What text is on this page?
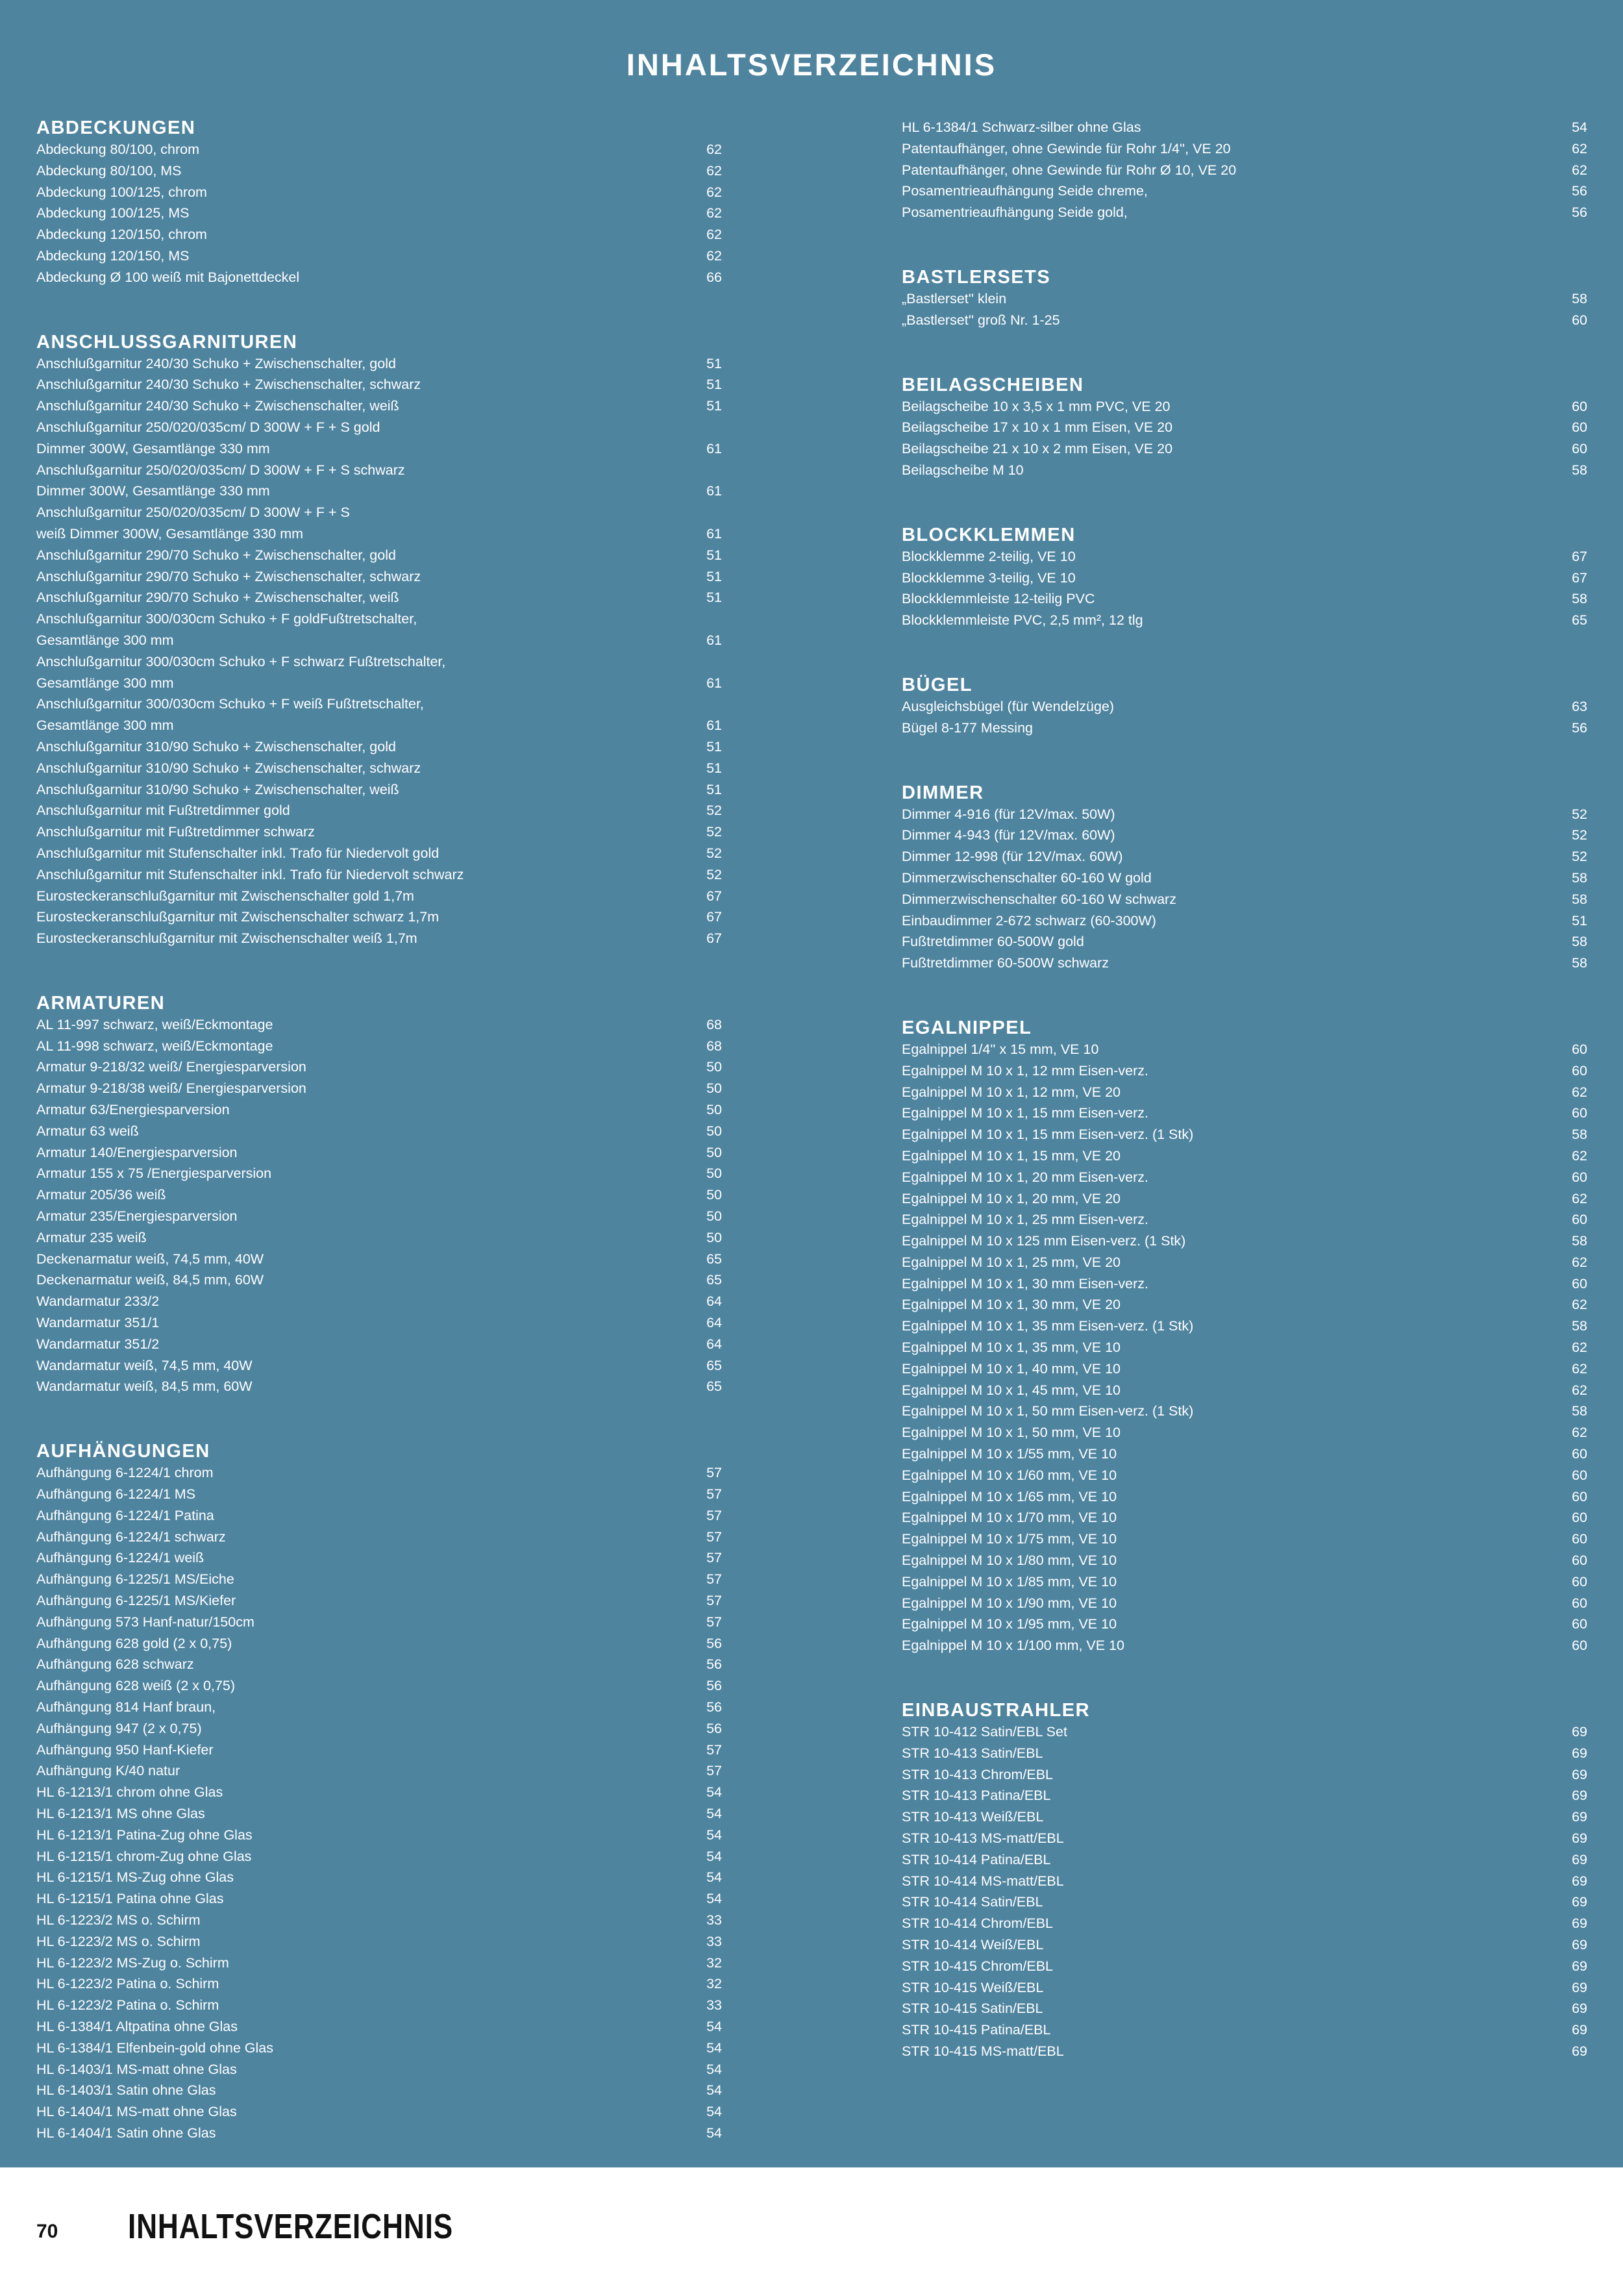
INHALTSVERZEICHNIS
ABDECKUNGEN
Abdeckung 80/100, chrom	62
Abdeckung 80/100, MS	62
Abdeckung 100/125, chrom	62
Abdeckung 100/125, MS	62
Abdeckung 120/150, chrom	62
Abdeckung 120/150, MS	62
Abdeckung Ø 100 weiß mit Bajonettdeckel	66
ANSCHLUSSGARNITUREN
Anschlußgarnitur 240/30 Schuko + Zwischenschalter, gold	51
Anschlußgarnitur 240/30 Schuko + Zwischenschalter, schwarz	51
Anschlußgarnitur 240/30 Schuko + Zwischenschalter, weiß	51
Anschlußgarnitur 250/020/035cm/ D 300W + F + S gold
Dimmer 300W, Gesamtlänge 330 mm	61
Anschlußgarnitur 250/020/035cm/ D 300W + F + S schwarz
Dimmer 300W, Gesamtlänge 330 mm	61
Anschlußgarnitur 250/020/035cm/ D 300W + F + S
weiß Dimmer 300W, Gesamtlänge 330 mm	61
Anschlußgarnitur 290/70 Schuko + Zwischenschalter, gold	51
Anschlußgarnitur 290/70 Schuko + Zwischenschalter, schwarz	51
Anschlußgarnitur 290/70 Schuko + Zwischenschalter, weiß	51
Anschlußgarnitur 300/030cm Schuko + F goldFußtretschalter,
Gesamtlänge 300 mm	61
Anschlußgarnitur 300/030cm Schuko + F schwarz Fußtretschalter,
Gesamtlänge 300 mm	61
Anschlußgarnitur 300/030cm Schuko + F weiß Fußtretschalter,
Gesamtlänge 300 mm	61
Anschlußgarnitur 310/90 Schuko + Zwischenschalter, gold	51
Anschlußgarnitur 310/90 Schuko + Zwischenschalter, schwarz	51
Anschlußgarnitur 310/90 Schuko + Zwischenschalter, weiß	51
Anschlußgarnitur mit Fußtretdimmer gold	52
Anschlußgarnitur mit Fußtretdimmer schwarz	52
Anschlußgarnitur mit Stufenschalter inkl. Trafo für Niedervolt gold	52
Anschlußgarnitur mit Stufenschalter inkl. Trafo für Niedervolt schwarz	52
Eurosteckeranschlußgarnitur mit Zwischenschalter gold 1,7m	67
Eurosteckeranschlußgarnitur mit Zwischenschalter schwarz 1,7m	67
Eurosteckeranschlußgarnitur mit Zwischenschalter weiß 1,7m	67
ARMATUREN
AL 11-997 schwarz, weiß/Eckmontage	68
AL 11-998 schwarz, weiß/Eckmontage	68
Armatur 9-218/32 weiß/ Energiesparversion	50
Armatur 9-218/38 weiß/ Energiesparversion	50
Armatur 63/Energiesparversion	50
Armatur 63 weiß	50
Armatur 140/Energiesparversion	50
Armatur 155 x 75 /Energiesparversion	50
Armatur 205/36 weiß	50
Armatur 235/Energiesparversion	50
Armatur 235 weiß	50
Deckenarmatur weiß, 74,5 mm, 40W	65
Deckenarmatur weiß, 84,5 mm, 60W	65
Wandarmatur 233/2	64
Wandarmatur 351/1	64
Wandarmatur 351/2	64
Wandarmatur weiß, 74,5 mm, 40W	65
Wandarmatur weiß, 84,5 mm, 60W	65
AUFHÄNGUNGEN
Aufhängung 6-1224/1 chrom	57
Aufhängung 6-1224/1 MS	57
Aufhängung 6-1224/1 Patina	57
Aufhängung 6-1224/1 schwarz	57
Aufhängung 6-1224/1 weiß	57
Aufhängung 6-1225/1 MS/Eiche	57
Aufhängung 6-1225/1 MS/Kiefer	57
Aufhängung 573 Hanf-natur/150cm	57
Aufhängung 628 gold (2 x 0,75)	56
Aufhängung 628 schwarz	56
Aufhängung 628 weiß (2 x 0,75)	56
Aufhängung 814 Hanf braun,	56
Aufhängung 947 (2 x 0,75)	56
Aufhängung 950 Hanf-Kiefer	57
Aufhängung K/40 natur	57
HL 6-1213/1 chrom ohne Glas	54
HL 6-1213/1 MS ohne Glas	54
HL 6-1213/1 Patina-Zug ohne Glas	54
HL 6-1215/1 chrom-Zug ohne Glas	54
HL 6-1215/1 MS-Zug ohne Glas	54
HL 6-1215/1 Patina ohne Glas	54
HL 6-1223/2 MS o. Schirm	33
HL 6-1223/2 MS o. Schirm	33
HL 6-1223/2 MS-Zug o. Schirm	32
HL 6-1223/2 Patina o. Schirm	32
HL 6-1223/2 Patina o. Schirm	33
HL 6-1384/1 Altpatina ohne Glas	54
HL 6-1384/1 Elfenbein-gold ohne Glas	54
HL 6-1403/1 MS-matt ohne Glas	54
HL 6-1403/1 Satin ohne Glas	54
HL 6-1404/1 MS-matt ohne Glas	54
HL 6-1404/1 Satin ohne Glas	54
HL 6-1384/1 Schwarz-silber ohne Glas	54
Patentaufhänger, ohne Gewinde für Rohr 1/4'', VE 20	62
Patentaufhänger, ohne Gewinde für Rohr Ø 10, VE 20	62
Posamentrieaufhängung Seide chreme,	56
Posamentrieaufhängung Seide gold,	56
BASTLERSETS
„Bastlerset'' klein	58
„Bastlerset'' groß Nr. 1-25	60
BEILAGSCHEIBEN
Beilagscheibe 10 x 3,5 x 1 mm PVC, VE 20	60
Beilagscheibe 17 x 10 x 1 mm Eisen, VE 20	60
Beilagscheibe 21 x 10 x 2 mm Eisen, VE 20	60
Beilagscheibe M 10	58
BLOCKKLEMMEN
Blockklemme 2-teilig, VE 10	67
Blockklemme 3-teilig, VE 10	67
Blockklemmleiste 12-teilig PVC	58
Blockklemmleiste PVC, 2,5 mm², 12 tlg	65
BÜGEL
Ausgleichsbügel (für Wendelzüge)	63
Bügel 8-177 Messing	56
DIMMER
Dimmer 4-916 (für 12V/max. 50W)	52
Dimmer 4-943 (für 12V/max. 60W)	52
Dimmer 12-998 (für 12V/max. 60W)	52
Dimmerzwischenschalter 60-160 W gold	58
Dimmerzwischenschalter 60-160 W schwarz	58
Einbaudimmer 2-672 schwarz (60-300W)	51
Fußtretdimmer 60-500W gold	58
Fußtretdimmer 60-500W schwarz	58
EGALNIPPEL
Egalnippel 1/4'' x 15 mm, VE 10	60
Egalnippel M 10 x 1, 12 mm Eisen-verz.	60
Egalnippel M 10 x 1, 12 mm, VE 20	62
Egalnippel M 10 x 1, 15 mm Eisen-verz.	60
Egalnippel M 10 x 1, 15 mm Eisen-verz. (1 Stk)	58
Egalnippel M 10 x 1, 15 mm, VE 20	62
Egalnippel M 10 x 1, 20 mm Eisen-verz.	60
Egalnippel M 10 x 1, 20 mm, VE 20	62
Egalnippel M 10 x 1, 25 mm Eisen-verz.	60
Egalnippel M 10 x 125 mm Eisen-verz. (1 Stk)	58
Egalnippel M 10 x 1, 25 mm, VE 20	62
Egalnippel M 10 x 1, 30 mm Eisen-verz.	60
Egalnippel M 10 x 1, 30 mm, VE 20	62
Egalnippel M 10 x 1, 35 mm Eisen-verz. (1 Stk)	58
Egalnippel M 10 x 1, 35 mm, VE 10	62
Egalnippel M 10 x 1, 40 mm, VE 10	62
Egalnippel M 10 x 1, 45 mm, VE 10	62
Egalnippel M 10 x 1, 50 mm Eisen-verz. (1 Stk)	58
Egalnippel M 10 x 1, 50 mm, VE 10	62
Egalnippel M 10 x 1/55 mm, VE 10	60
Egalnippel M 10 x 1/60 mm, VE 10	60
Egalnippel M 10 x 1/65 mm, VE 10	60
Egalnippel M 10 x 1/70 mm, VE 10	60
Egalnippel M 10 x 1/75 mm, VE 10	60
Egalnippel M 10 x 1/80 mm, VE 10	60
Egalnippel M 10 x 1/85 mm, VE 10	60
Egalnippel M 10 x 1/90 mm, VE 10	60
Egalnippel M 10 x 1/95 mm, VE 10	60
Egalnippel M 10 x 1/100 mm, VE 10	60
EINBAUSTRAHLER
STR 10-412 Satin/EBL Set	69
STR 10-413 Satin/EBL	69
STR 10-413 Chrom/EBL	69
STR 10-413 Patina/EBL	69
STR 10-413 Weiß/EBL	69
STR 10-413 MS-matt/EBL	69
STR 10-414 Patina/EBL	69
STR 10-414 MS-matt/EBL	69
STR 10-414 Satin/EBL	69
STR 10-414 Chrom/EBL	69
STR 10-414 Weiß/EBL	69
STR 10-415 Chrom/EBL	69
STR 10-415 Weiß/EBL	69
STR 10-415 Satin/EBL	69
STR 10-415 Patina/EBL	69
STR 10-415 MS-matt/EBL	69
70 INHALTSVERZEICHNIS
